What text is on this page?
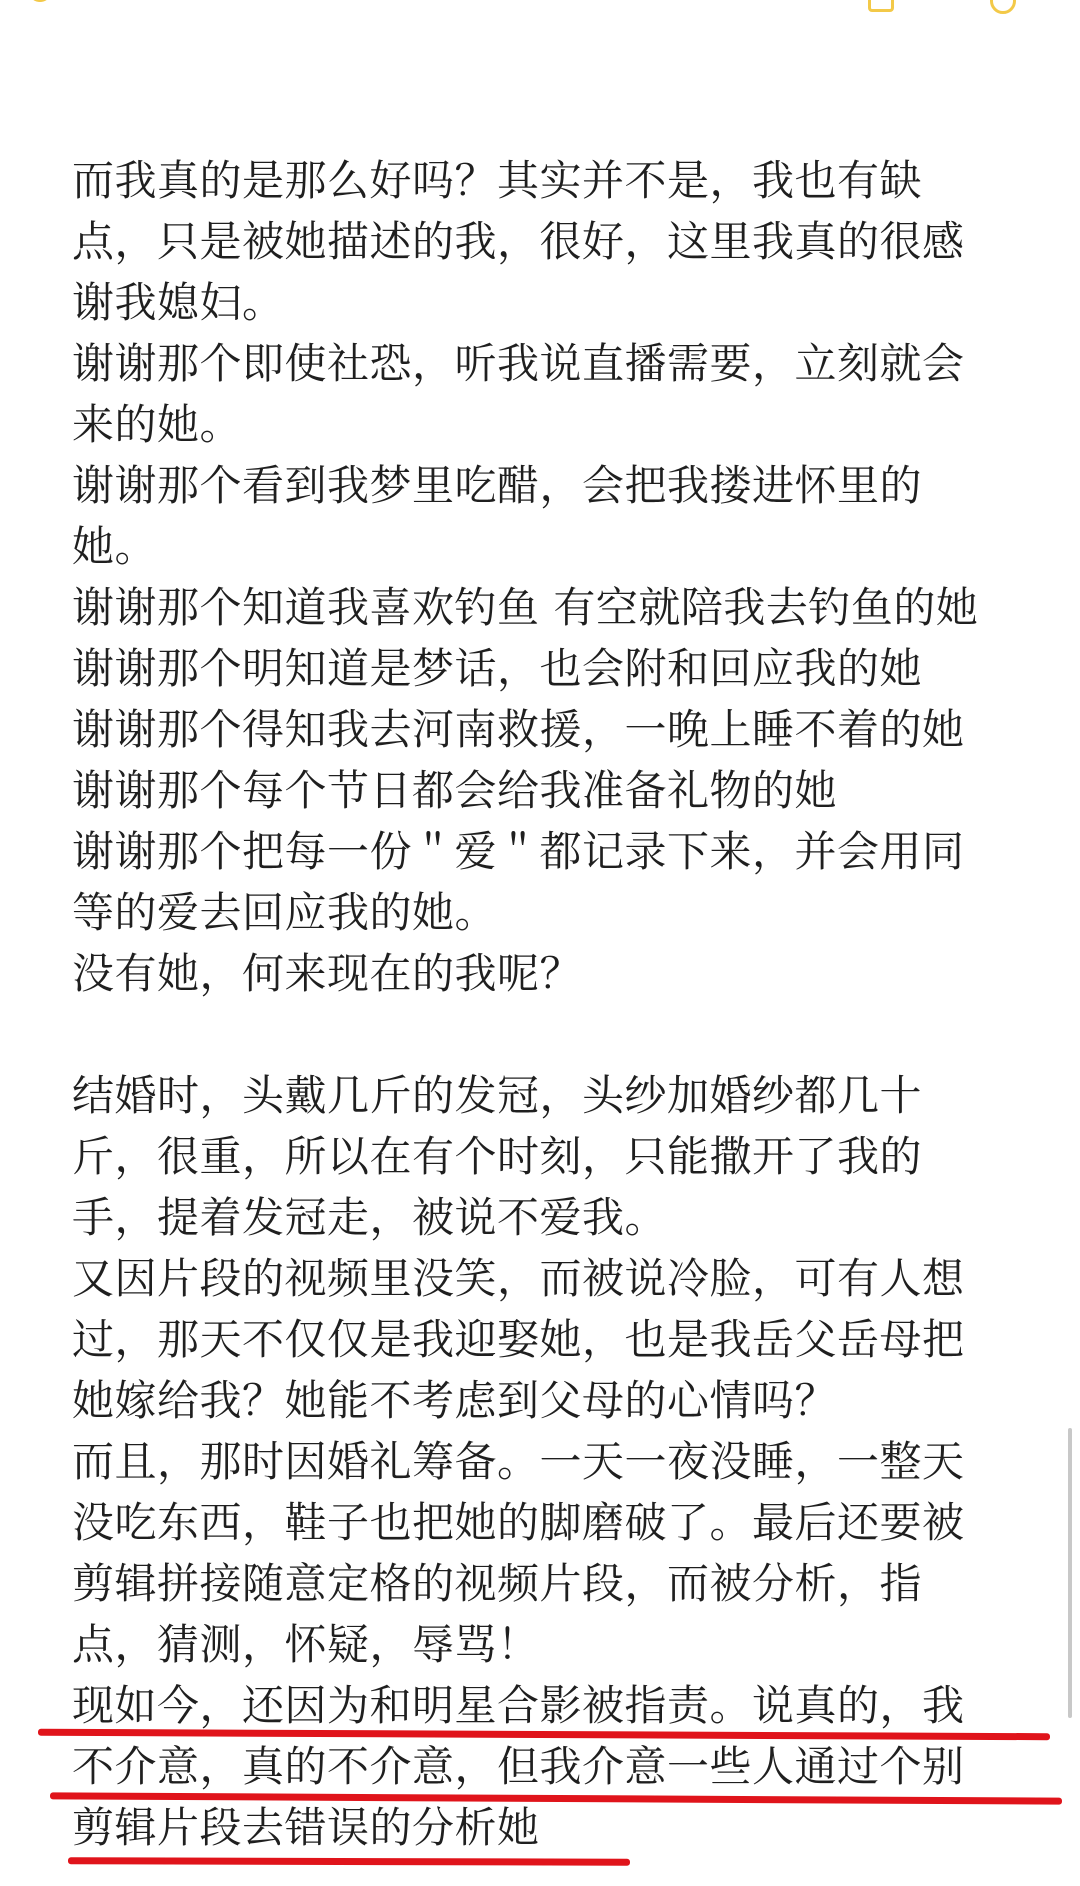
而我真的是那么好吗？其实并不是，我也有缺
点，只是被她描述的我，很好，这里我真的很感
谢我媳妇。
谢谢那个即使社恐，听我说直播需要，立刻就会
来的她。
谢谢那个看到我梦里吃醋，会把我搂进怀里的
她。
谢谢那个知道我喜欢钓鱼 有空就陪我去钓鱼的她
谢谢那个明知道是梦话，也会附和回应我的她
谢谢那个得知我去河南救援，一晚上睡不着的她
谢谢那个每个节日都会给我准备礼物的她
谢谢那个把每一份＂爱＂都记录下来，并会用同
等的爱去回应我的她。
没有她，何来现在的我呢？
结婚时，头戴几斤的发冠，头纱加婚纱都几十
斤，很重，所以在有个时刻，只能撒开了我的
手，提着发冠走，被说不爱我。
又因片段的视频里没笑，而被说冷脸，可有人想
过，那天不仅仅是我迎娶她，也是我岳父岳母把
她嫁给我？她能不考虑到父母的心情吗？
而且，那时因婚礼筹备。一天一夜没睡，一整天
没吃东西，鞋子也把她的脚磨破了。最后还要被
剪辑拼接随意定格的视频片段，而被分析，指
点，猜测，怀疑，辱骂！
现如今，还因为和明星合影被指责。说真的，我
不介意，真的不介意，但我介意一些人通过个别
剪辑片段去错误的分析她
